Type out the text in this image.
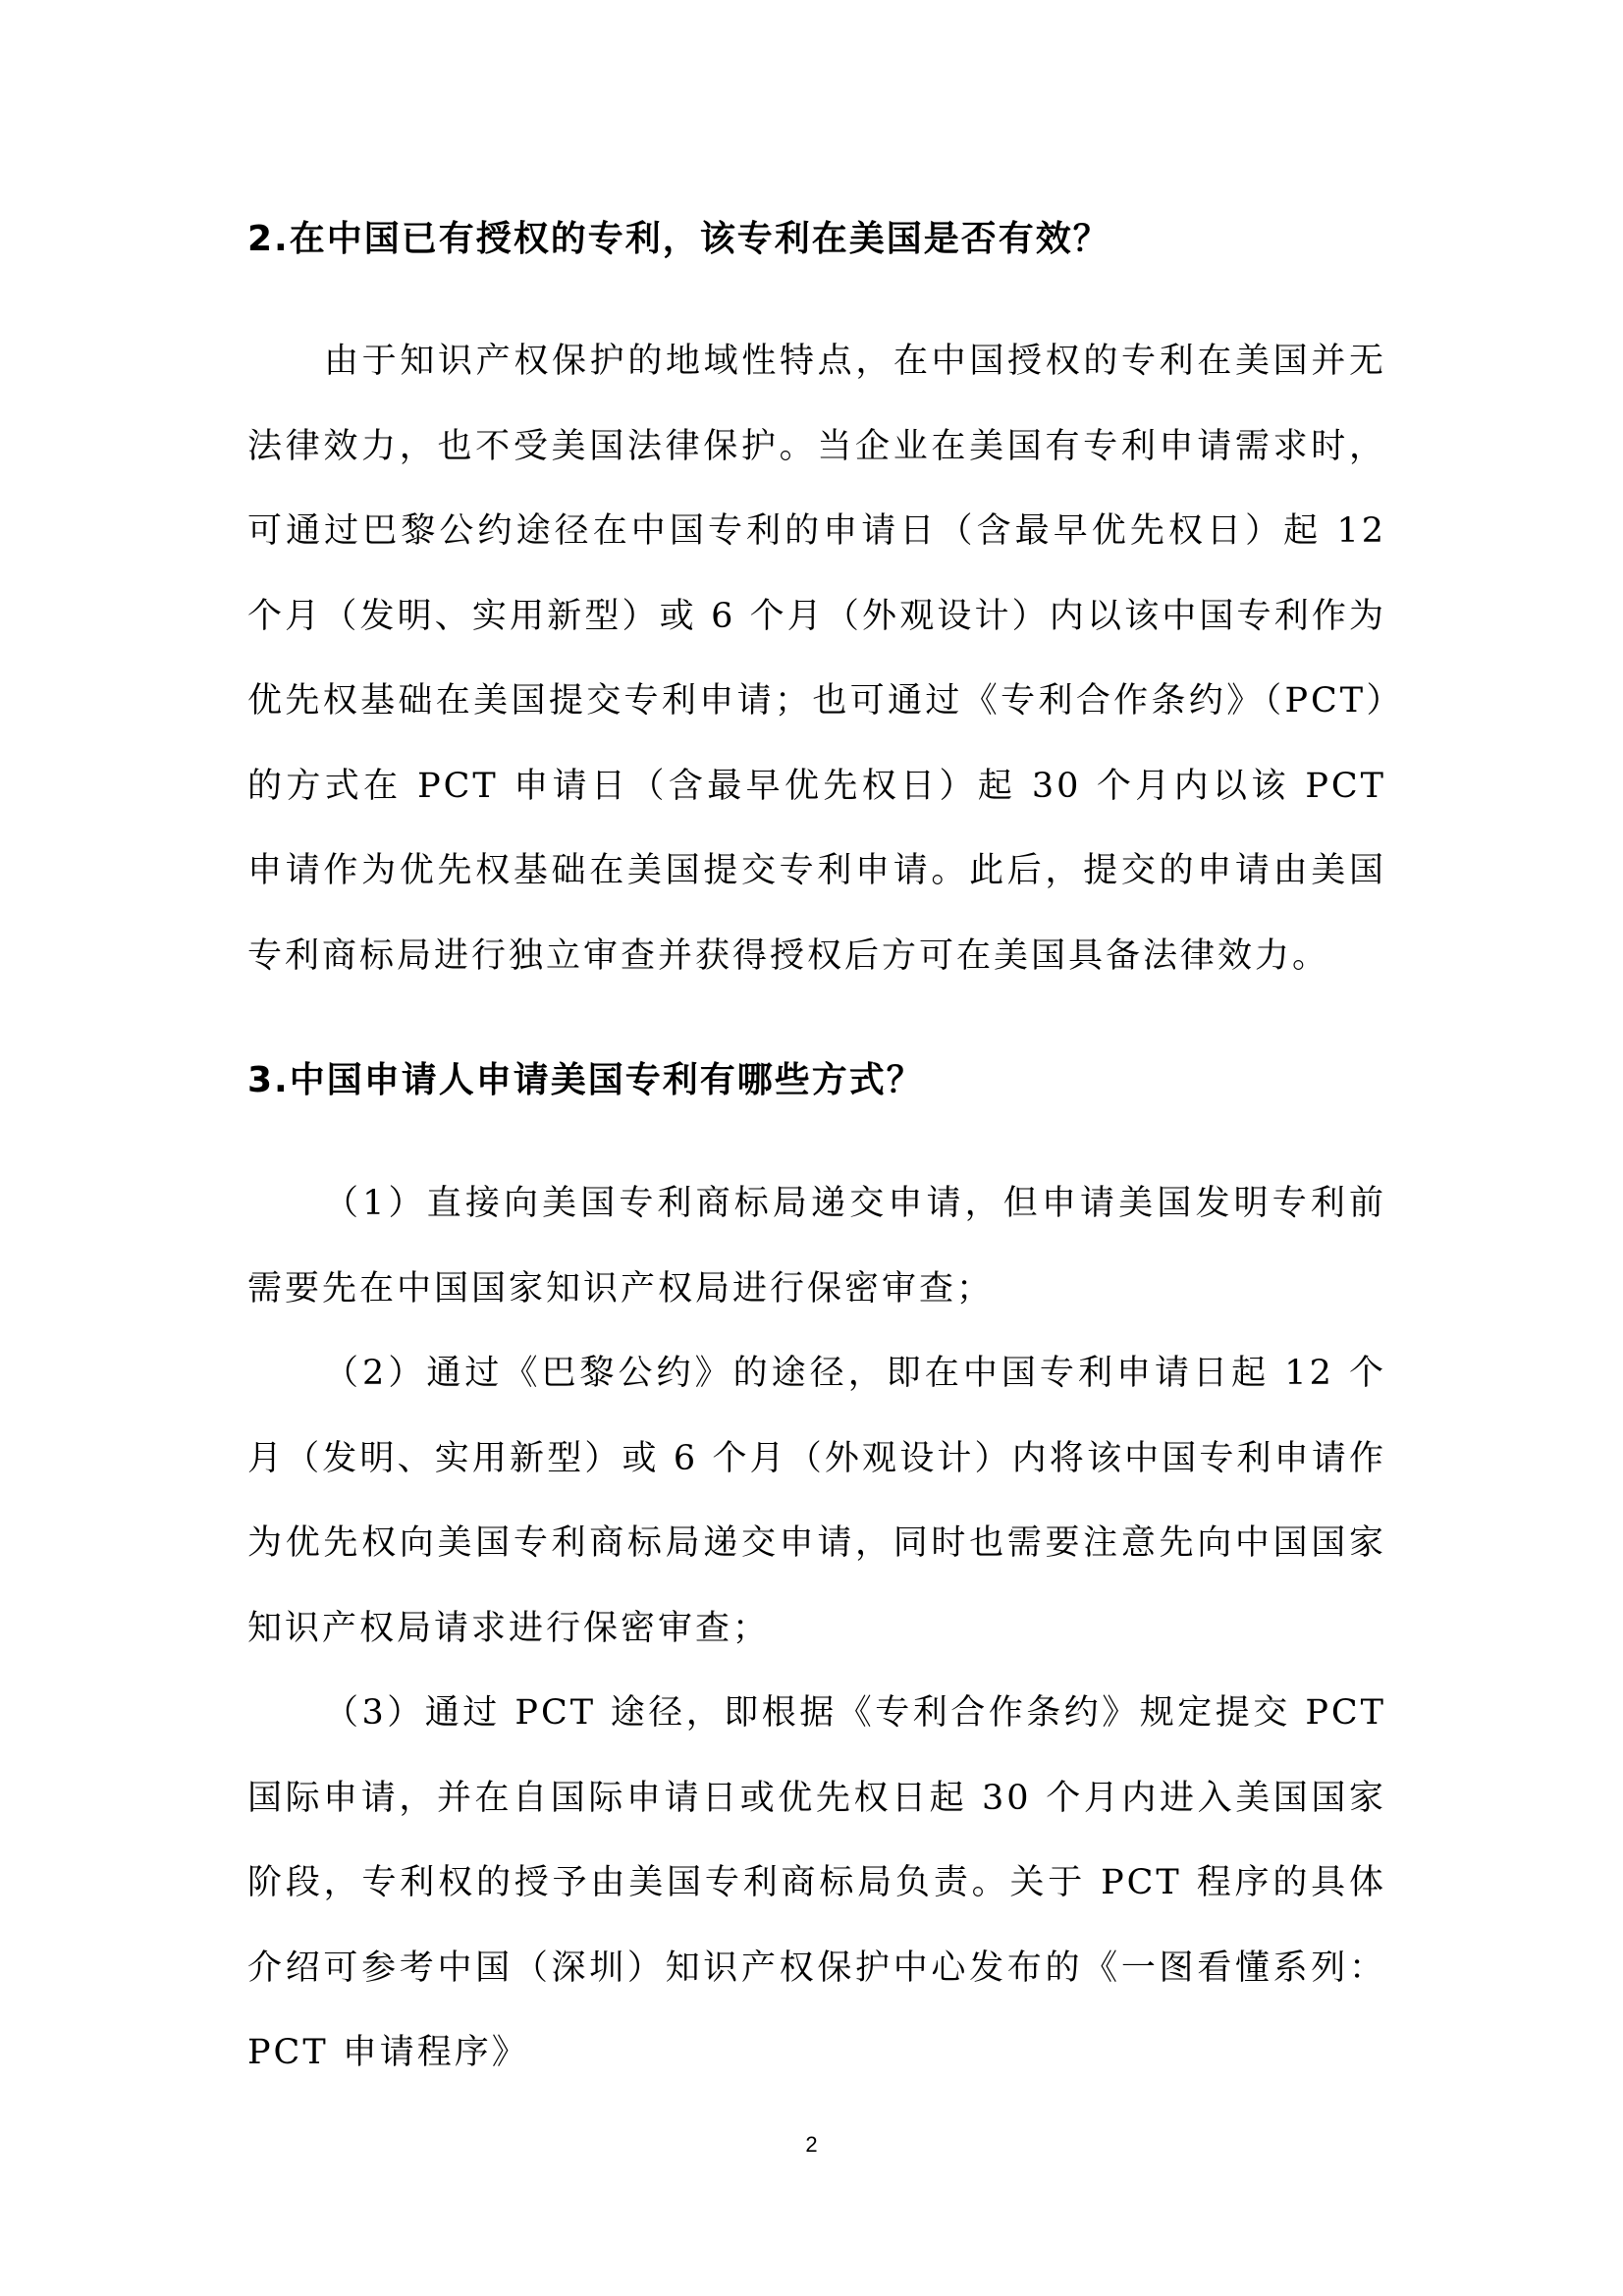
2.在中国已有授权的专利，该专利在美国是否有效？

由于知识产权保护的地域性特点，在中国授权的专利在美国并无法律效力，也不受美国法律保护。当企业在美国有专利申请需求时，可通过巴黎公约途径在中国专利的申请日（含最早优先权日）起 12 个月（发明、实用新型）或 6 个月（外观设计）内以该中国专利作为优先权基础在美国提交专利申请；也可通过《专利合作条约》（PCT）的方式在 PCT 申请日（含最早优先权日）起 30 个月内以该 PCT 申请作为优先权基础在美国提交专利申请。此后，提交的申请由美国专利商标局进行独立审查并获得授权后方可在美国具备法律效力。

3.中国申请人申请美国专利有哪些方式？

（1）直接向美国专利商标局递交申请，但申请美国发明专利前需要先在中国国家知识产权局进行保密审查；

（2）通过《巴黎公约》的途径，即在中国专利申请日起 12 个月（发明、实用新型）或 6 个月（外观设计）内将该中国专利申请作为优先权向美国专利商标局递交申请，同时也需要注意先向中国国家知识产权局请求进行保密审查；

（3）通过 PCT 途径，即根据《专利合作条约》规定提交 PCT 国际申请，并在自国际申请日或优先权日起 30 个月内进入美国国家阶段，专利权的授予由美国专利商标局负责。关于 PCT 程序的具体介绍可参考中国（深圳）知识产权保护中心发布的《一图看懂系列：PCT 申请程序》

2
